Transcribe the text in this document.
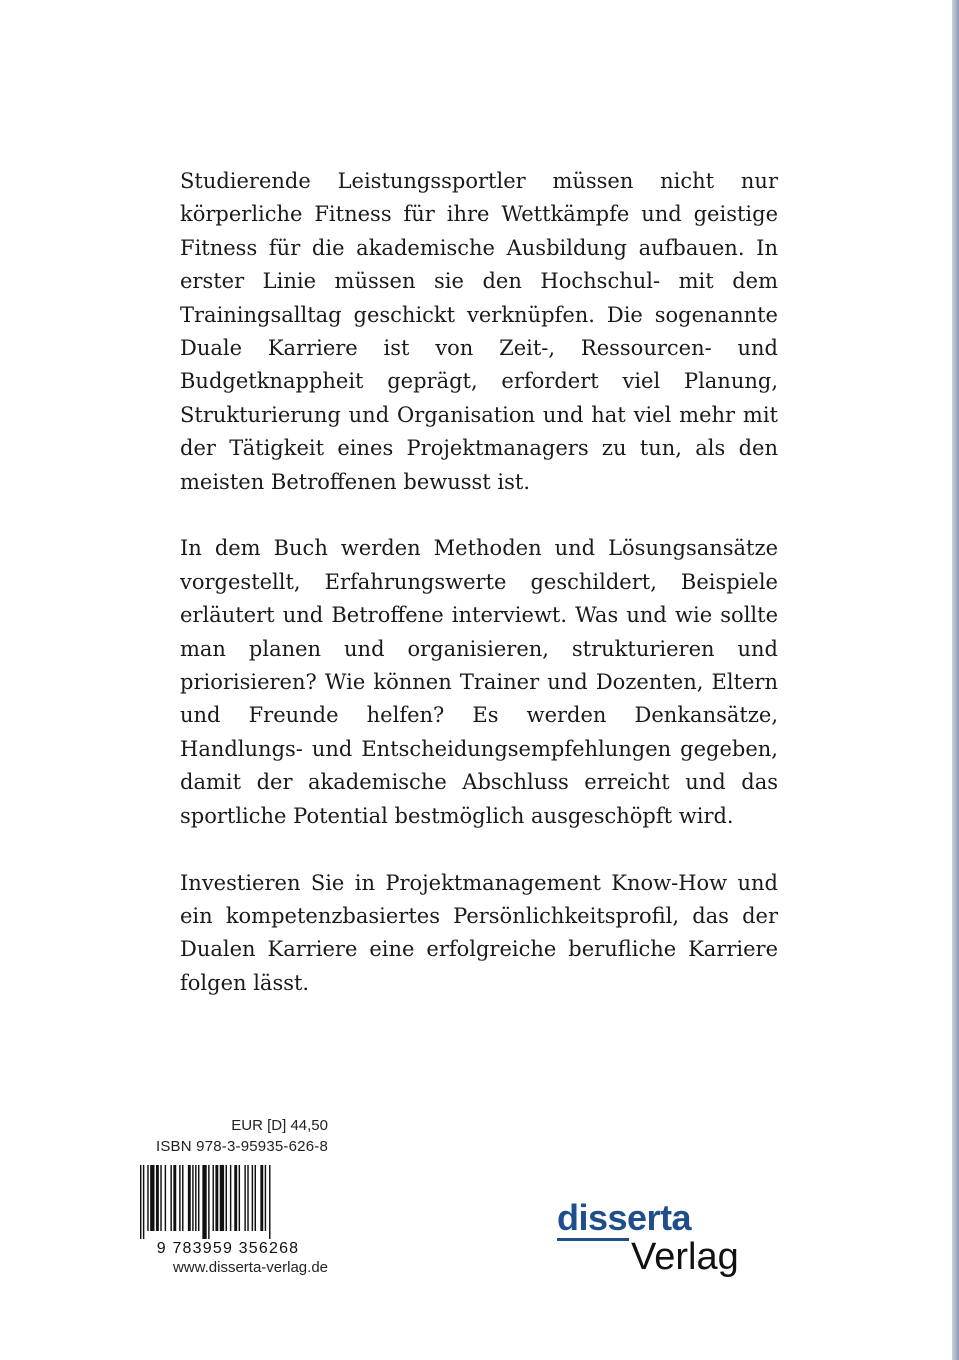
Studierende Leistungssportler müssen nicht nur körperliche Fitness für ihre Wettkämpfe und geistige Fitness für die akademische Ausbildung aufbauen. In erster Linie müssen sie den Hochschul- mit dem Trainingsalltag geschickt verknüpfen. Die sogenannte Duale Karriere ist von Zeit-, Ressourcen- und Budgetknappheit geprägt, erfordert viel Planung, Strukturierung und Organisation und hat viel mehr mit der Tätigkeit eines Projektmanagers zu tun, als den meisten Betroffenen bewusst ist.

In dem Buch werden Methoden und Lösungsansätze vorgestellt, Erfahrungswerte geschildert, Beispiele erläutert und Betroffene interviewt. Was und wie sollte man planen und organisieren, strukturieren und priorisieren? Wie können Trainer und Dozenten, Eltern und Freunde helfen? Es werden Denkansätze, Handlungs- und Entscheidungsempfehlungen gegeben, damit der akademische Abschluss erreicht und das sportliche Potential bestmöglich ausgeschöpft wird.

Investieren Sie in Projektmanagement Know-How und ein kompetenzbasiertes Persönlichkeitsprofil, das der Dualen Karriere eine erfolgreiche berufliche Karriere folgen lässt.

EUR [D] 44,50
ISBN 978-3-95935-626-8
9 783959 356268
www.disserta-verlag.de
disserta
Verlag
